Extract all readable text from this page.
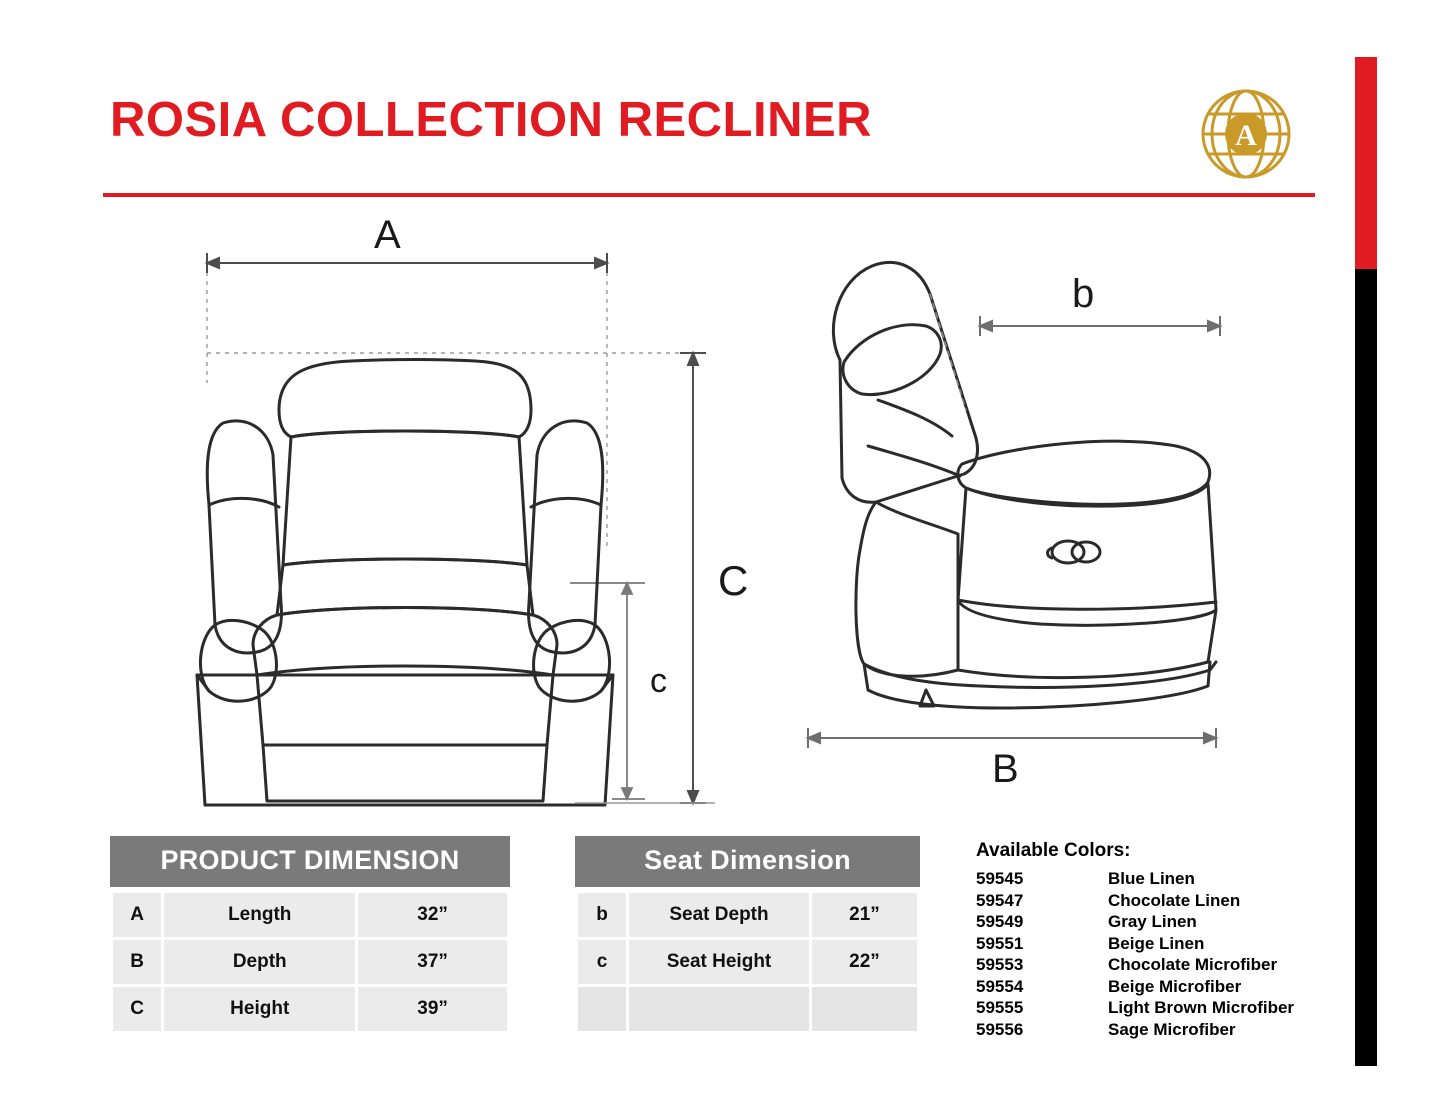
ROSIA COLLECTION RECLINER	A
A
C
c
b
B
PRODUCT DIMENSION
A	Length	32”
B	Depth	37”
C	Height	39”
Seat Dimension
b	Seat Depth	21”
c	Seat Height	22”

Available Colors:
59545	Blue Linen
59547	Chocolate Linen
59549	Gray Linen
59551	Beige Linen
59553	Chocolate Microfiber
59554	Beige Microfiber
59555	Light Brown Microfiber
59556	Sage Microfiber
